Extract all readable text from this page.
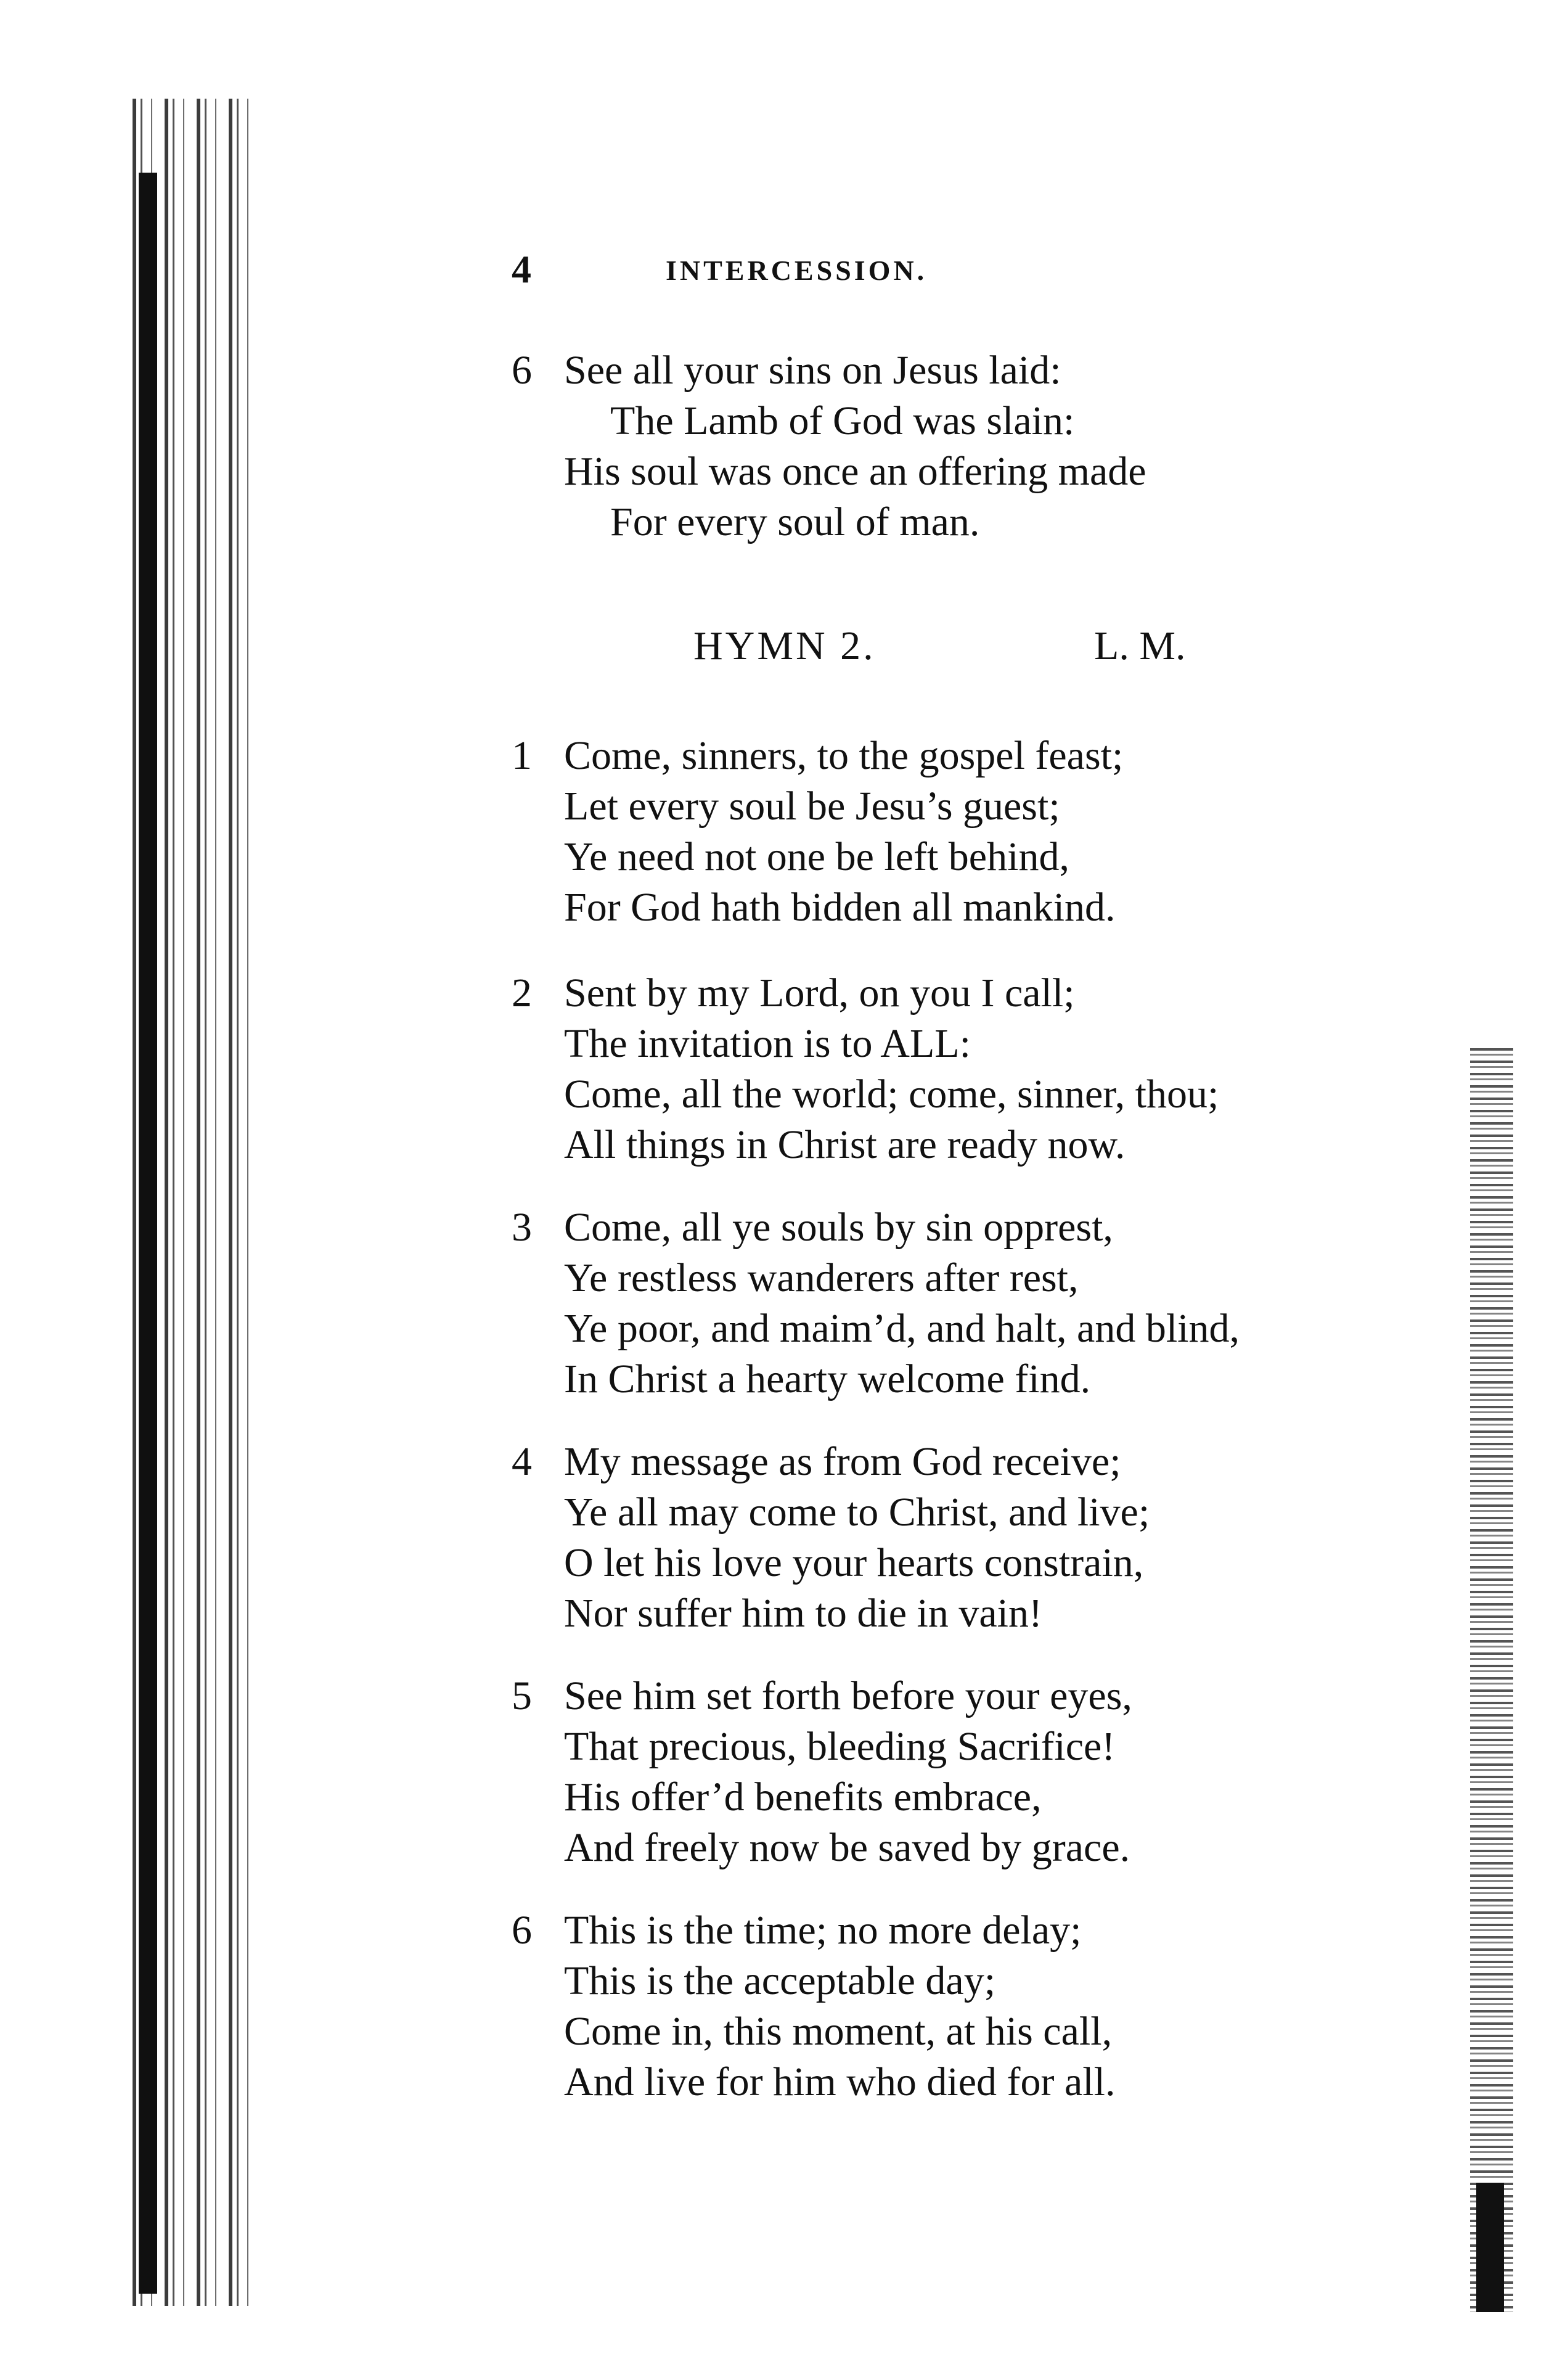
4	INTERCESSION.
6 See all your sins on Jesus laid:
The Lamb of God was slain:
His soul was once an offering made
For every soul of man.
HYMN 2.	L. M.
1 Come, sinners, to the gospel feast;
Let every soul be Jesu’s guest;
Ye need not one be left behind,
For God hath bidden all mankind.
2 Sent by my Lord, on you I call;
The invitation is to ALL:
Come, all the world; come, sinner, thou;
All things in Christ are ready now.
3 Come, all ye souls by sin opprest,
Ye restless wanderers after rest,
Ye poor, and maim’d, and halt, and blind,
In Christ a hearty welcome find.
4 My message as from God receive;
Ye all may come to Christ, and live;
O let his love your hearts constrain,
Nor suffer him to die in vain!
5 See him set forth before your eyes,
That precious, bleeding Sacrifice!
His offer’d benefits embrace,
And freely now be saved by grace.
6 This is the time; no more delay;
This is the acceptable day;
Come in, this moment, at his call,
And live for him who died for all.
